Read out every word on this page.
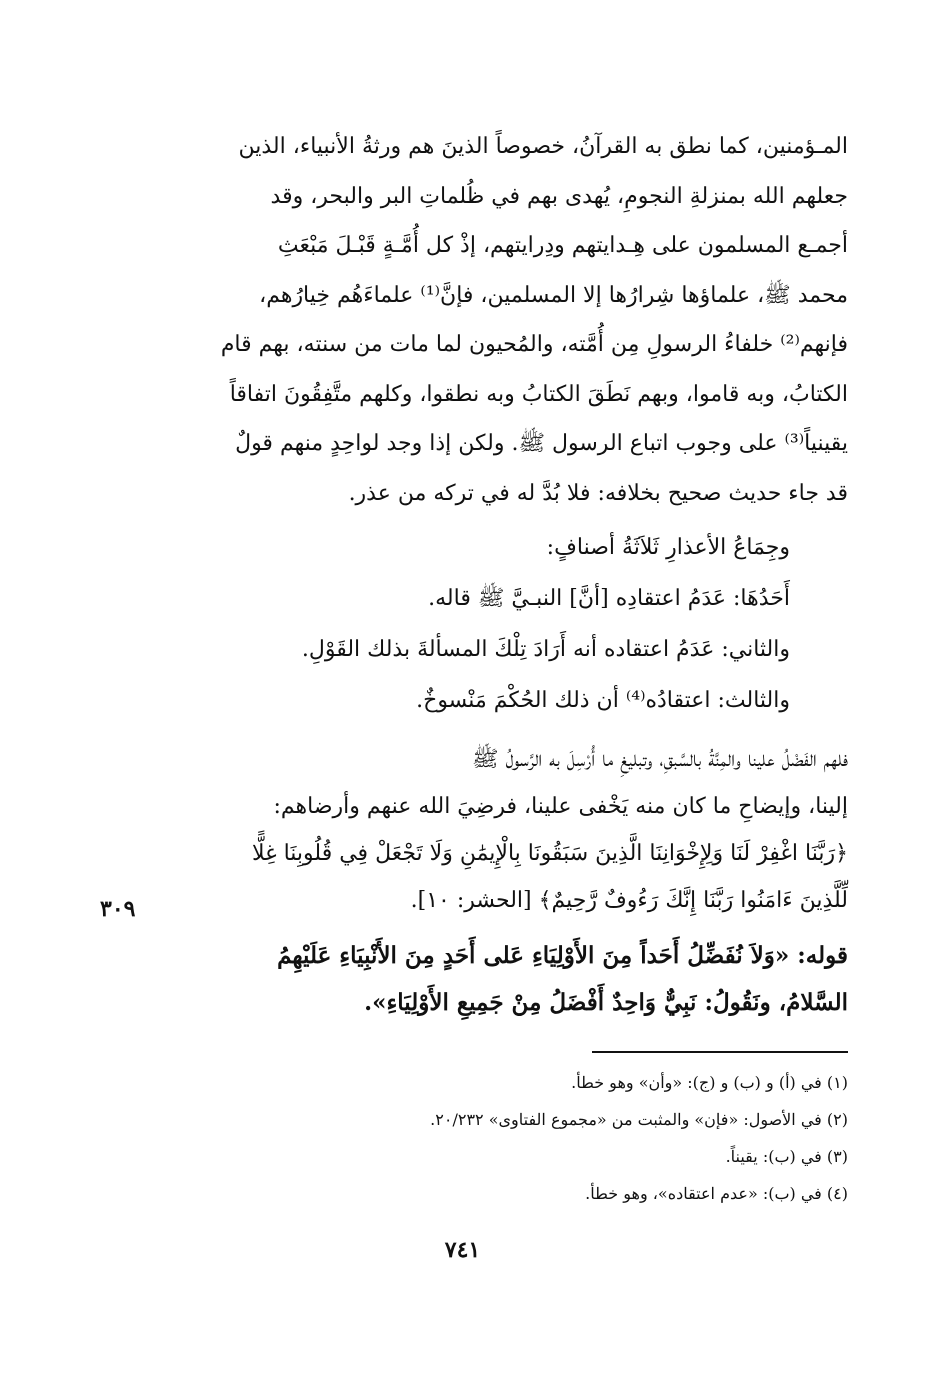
المـؤمنين، كما نطق به القرآنُ، خصوصاً الذينَ هم ورثةُ الأنبياء، الذين
جعلهم الله بمنزلةِ النجومِ، يُهدى بهم في ظُلماتِ البر والبحر، وقد
أجمـع المسلمون على هِـدايتهم ودِرايتهم، إذْ كل أُمَّـةٍ قَبْـلَ مَبْعَثِ
محمد ﷺ، علماؤها شِرارُها إلا المسلمين، فإنَّ⁽¹⁾ علماءَهُم خِيارُهم،
فإنهم⁽²⁾ خلفاءُ الرسولِ مِن أُمَّته، والمُحيون لما مات من سنته، بهم قام
الكتابُ، وبه قاموا، وبهم نَطَقَ الكتابُ وبه نطقوا، وكلهم متَّفِقُونَ اتفاقاً
يقينياً⁽³⁾ على وجوب اتباع الرسول ﷺ. ولكن إذا وجد لواحِدٍ منهم قولٌ
قد جاء حديث صحيح بخلافه: فلا بُدَّ له في تركه من عذر.
وجِمَاعُ الأعذارِ ثَلاَثَةُ أصنافٍ:
أَحَدُهَا: عَدَمُ اعتقادِه [أنَّ] النبـيَّ ﷺ قاله.
والثاني: عَدَمُ اعتقاده أنه أَرَادَ تِلْكَ المسألةَ بذلك القَوْلِ.
والثالث: اعتقادُه⁽⁴⁾ أن ذلك الحُكْمَ مَنْسوخٌ.
فلهم الفَضْلُ علينا والمِنَّةُ بالسَّبقِ، وتبليغِ ما أُرْسِلَ به الرَّسولُ ﷺ
إلينا، وإيضاحِ ما كان منه يَخْفى علينا، فرضِيَ الله عنهم وأرضاهم:
﴿رَبَّنَا اغْفِرْ لَنَا وَلِإِخْوَانِنَا الَّذِينَ سَبَقُونَا بِالْإِيمَٰنِ وَلَا تَجْعَلْ فِي قُلُوبِنَا غِلًّا
لِّلَّذِينَ ءَامَنُوا رَبَّنَا إِنَّكَ رَءُوفٌ رَّحِيمٌ﴾ [الحشر: ١٠].
٣٠٩
قوله: «وَلاَ نُفَضِّلُ أَحَداً مِنَ الأَوْلِيَاءِ عَلى أَحَدٍ مِنَ الأَنْبِيَاءِ عَلَيْهِمُ
السَّلامُ، ونَقُولُ: نَبِيٌّ وَاحِدٌ أَفْضَلُ مِنْ جَمِيعِ الأَوْلِيَاءِ».
(١) في (أ) و (ب) و (ج): «وأن» وهو خطأ.
(٢) في الأصول: «فإن» والمثبت من «مجموع الفتاوى» ٢٠/٢٣٢.
(٣) في (ب): يقيناً.
(٤) في (ب): «عدم اعتقاده»، وهو خطأ.
٧٤١
